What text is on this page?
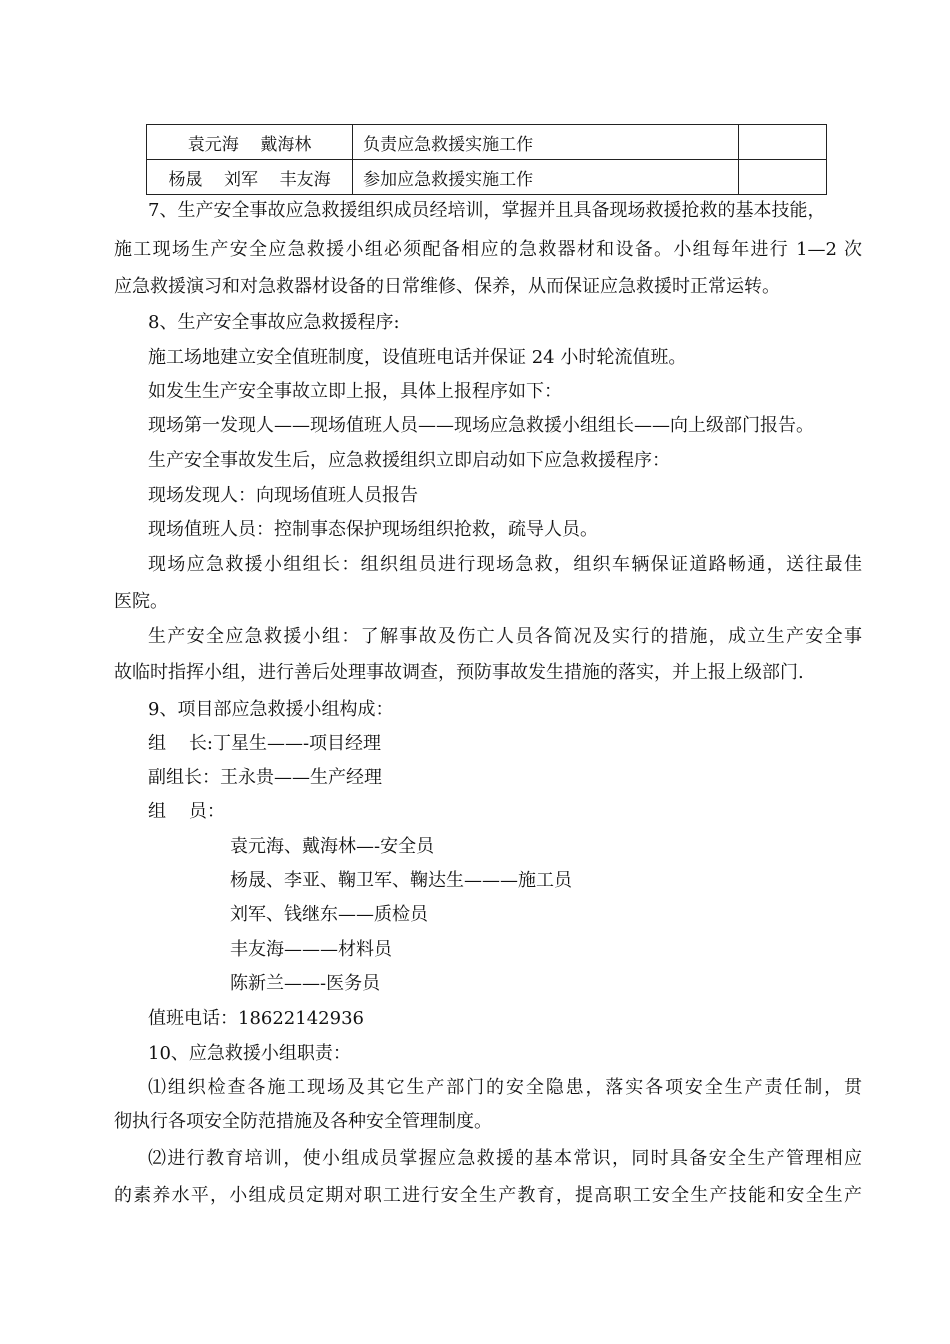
袁元海    戴海林	负责应急救援实施工作	
杨晟    刘军    丰友海	参加应急救援实施工作	
7、生产安全事故应急救援组织成员经培训，掌握并且具备现场救援抢救的基本技能，
施工现场生产安全应急救援小组必须配备相应的急救器材和设备。小组每年进行 1—2 次
应急救援演习和对急救器材设备的日常维修、保养，从而保证应急救援时正常运转。
8、生产安全事故应急救援程序:
施工场地建立安全值班制度，设值班电话并保证 24 小时轮流值班。
如发生生产安全事故立即上报，具体上报程序如下：
现场第一发现人——现场值班人员——现场应急救援小组组长——向上级部门报告。
生产安全事故发生后，应急救援组织立即启动如下应急救援程序：
现场发现人：向现场值班人员报告
现场值班人员：控制事态保护现场组织抢救，疏导人员。
现场应急救援小组组长：组织组员进行现场急救，组织车辆保证道路畅通，送往最佳
医院。
生产安全应急救援小组：了解事故及伤亡人员各简况及实行的措施，成立生产安全事
故临时指挥小组，进行善后处理事故调查，预防事故发生措施的落实，并上报上级部门.
9、项目部应急救援小组构成：
组    长:丁星生——-项目经理
副组长：王永贵——生产经理
组    员：
袁元海、戴海林—-安全员
杨晟、李亚、鞠卫军、鞠达生———施工员
刘军、钱继东——质检员
丰友海———材料员
陈新兰——-医务员
值班电话：18622142936
10、应急救援小组职责：
⑴组织检查各施工现场及其它生产部门的安全隐患，落实各项安全生产责任制，贯
彻执行各项安全防范措施及各种安全管理制度。
⑵进行教育培训，使小组成员掌握应急救援的基本常识，同时具备安全生产管理相应
的素养水平，小组成员定期对职工进行安全生产教育，提高职工安全生产技能和安全生产
